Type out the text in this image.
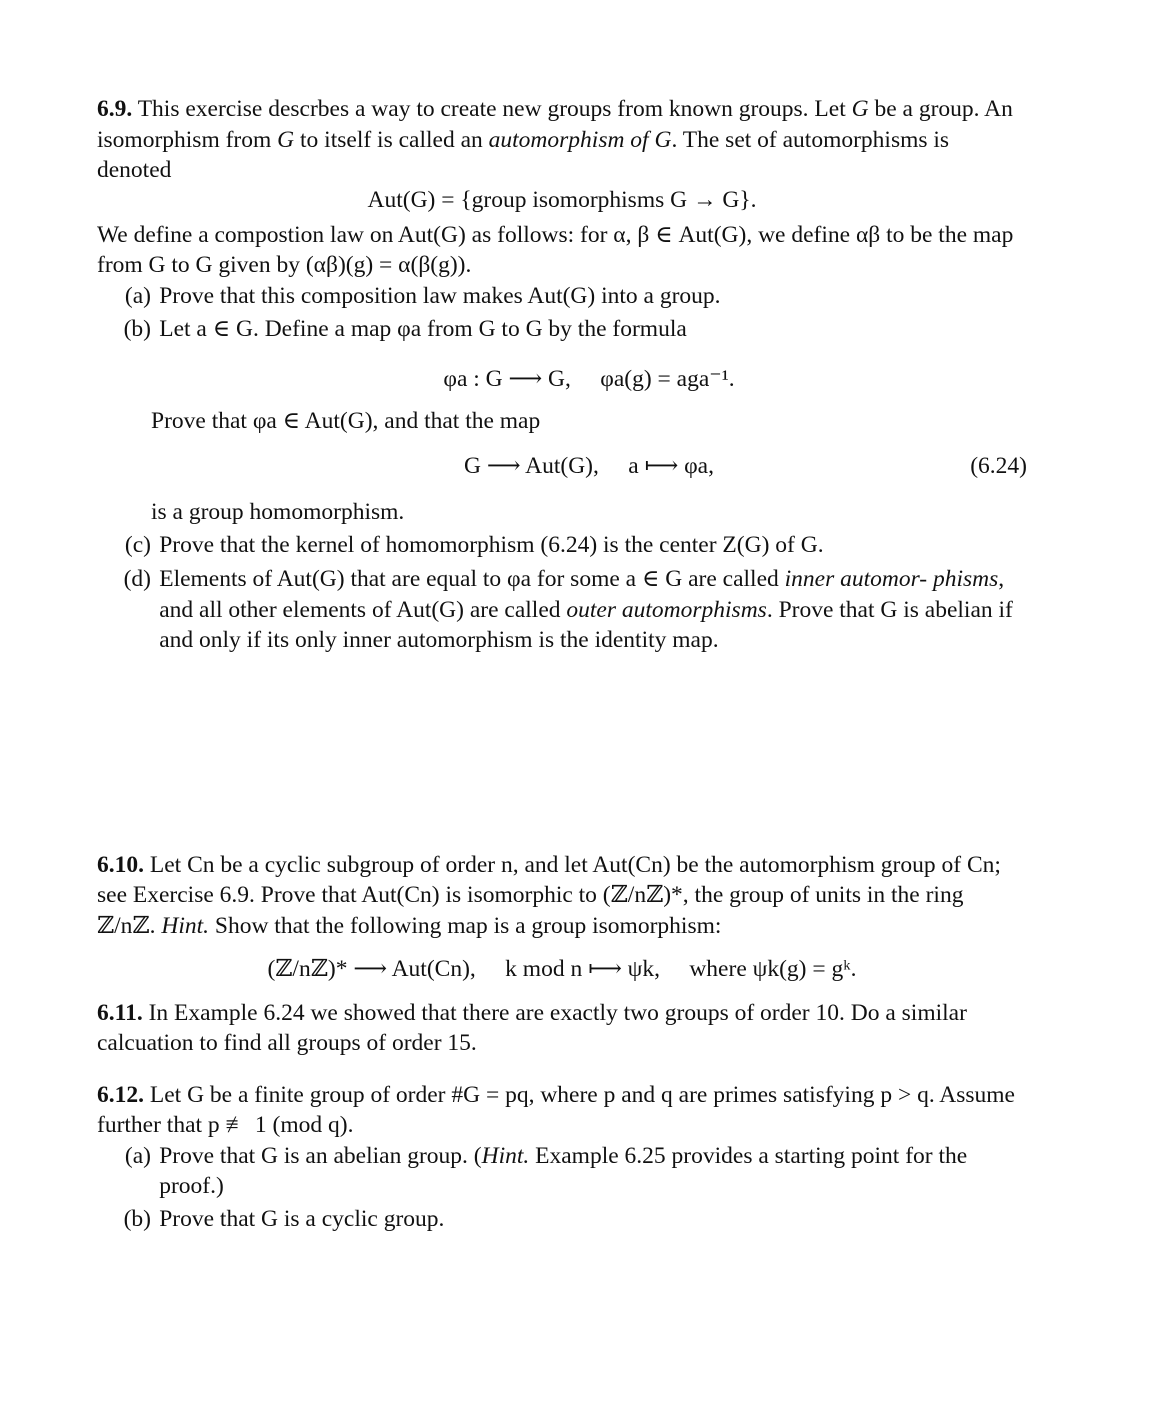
6.9. This exercise descrbes a way to create new groups from known groups. Let G be a group. An isomorphism from G to itself is called an automorphism of G. The set of automorphisms is denoted

Aut(G) = {group isomorphisms G → G}.

We define a compostion law on Aut(G) as follows: for α, β ∈ Aut(G), we define αβ to be the map from G to G given by (αβ)(g) = α(β(g)).

(a) Prove that this composition law makes Aut(G) into a group.
(b) Let a ∈ G. Define a map φa from G to G by the formula
φa : G ⟶ G,     φa(g) = aga⁻¹.

Prove that φa ∈ Aut(G), and that the map

G ⟶ Aut(G),     a ⟼ φa,	(6.24)

is a group homomorphism.

(c) Prove that the kernel of homomorphism (6.24) is the center Z(G) of G.
(d) Elements of Aut(G) that are equal to φa for some a ∈ G are called inner automor- phisms, and all other elements of Aut(G) are called outer automorphisms. Prove that G is abelian if and only if its only inner automorphism is the identity map.

6.10. Let Cn be a cyclic subgroup of order n, and let Aut(Cn) be the automorphism group of Cn; see Exercise 6.9. Prove that Aut(Cn) is isomorphic to (ℤ/nℤ)*, the group of units in the ring ℤ/nℤ. Hint. Show that the following map is a group isomorphism:

(ℤ/nℤ)* ⟶ Aut(Cn),     k mod n ⟼ ψk,     where ψk(g) = gᵏ.

6.11. In Example 6.24 we showed that there are exactly two groups of order 10. Do a similar calcuation to find all groups of order 15.

6.12. Let G be a finite group of order #G = pq, where p and q are primes satisfying p > q. Assume further that p ≢ 1 (mod q).

(a) Prove that G is an abelian group. (Hint. Example 6.25 provides a starting point for the proof.)
(b) Prove that G is a cyclic group.
